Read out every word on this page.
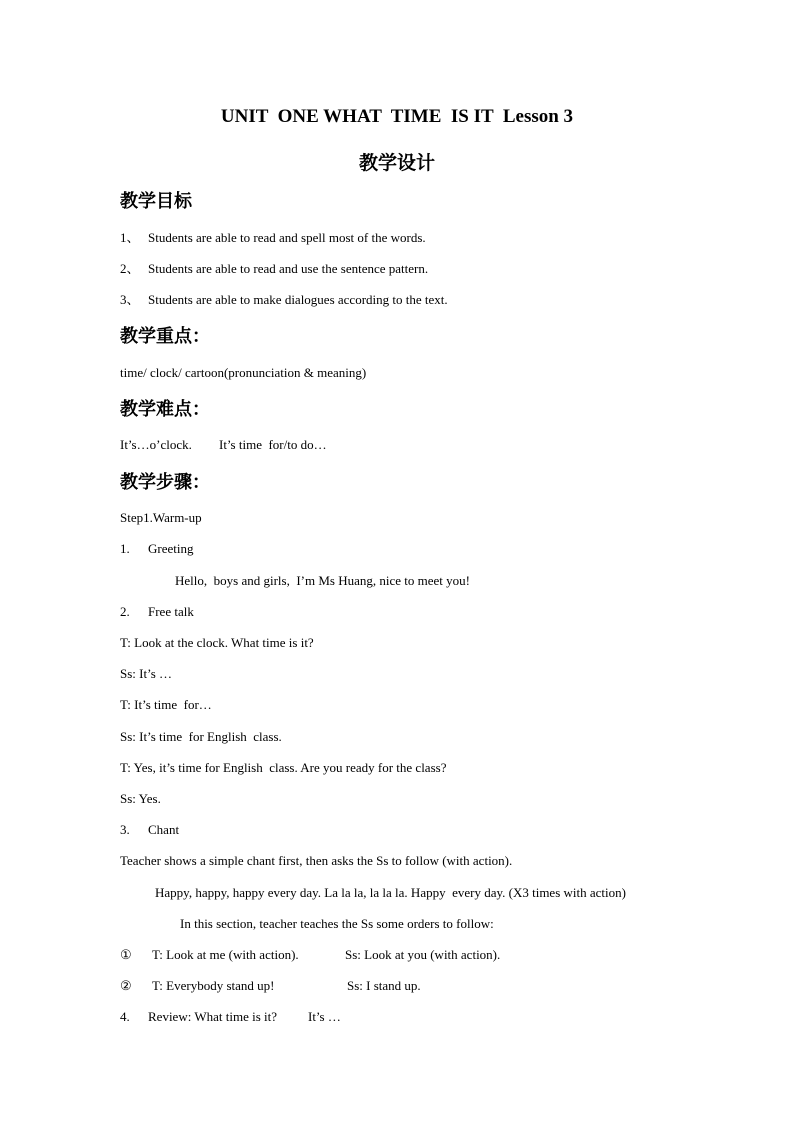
UNIT  ONE WHAT  TIME  IS IT  Lesson 3
教学设计
教学目标
1、 Students are able to read and spell most of the words.
2、 Students are able to read and use the sentence pattern.
3、 Students are able to make dialogues according to the text.
教学重点：
time/ clock/ cartoon(pronunciation & meaning)
教学难点：
It’s…o’clock. It’s time  for/to do…
教学步骤：
Step1.Warm-up
1. Greeting
Hello,  boys and girls,  I’m Ms Huang, nice to meet you!
2. Free talk
T: Look at the clock. What time is it?
Ss: It’s …
T: It’s time  for…
Ss: It’s time  for English  class.
T: Yes, it’s time for English  class. Are you ready for the class?
Ss: Yes.
3. Chant
Teacher shows a simple chant first, then asks the Ss to follow (with action).
Happy, happy, happy every day. La la la, la la la. Happy  every day. (X3 times with action)
In this section, teacher teaches the Ss some orders to follow:
① T: Look at me (with action).	Ss: Look at you (with action).
② T: Everybody stand up!	Ss: I stand up.
4. Review: What time is it? It’s …
